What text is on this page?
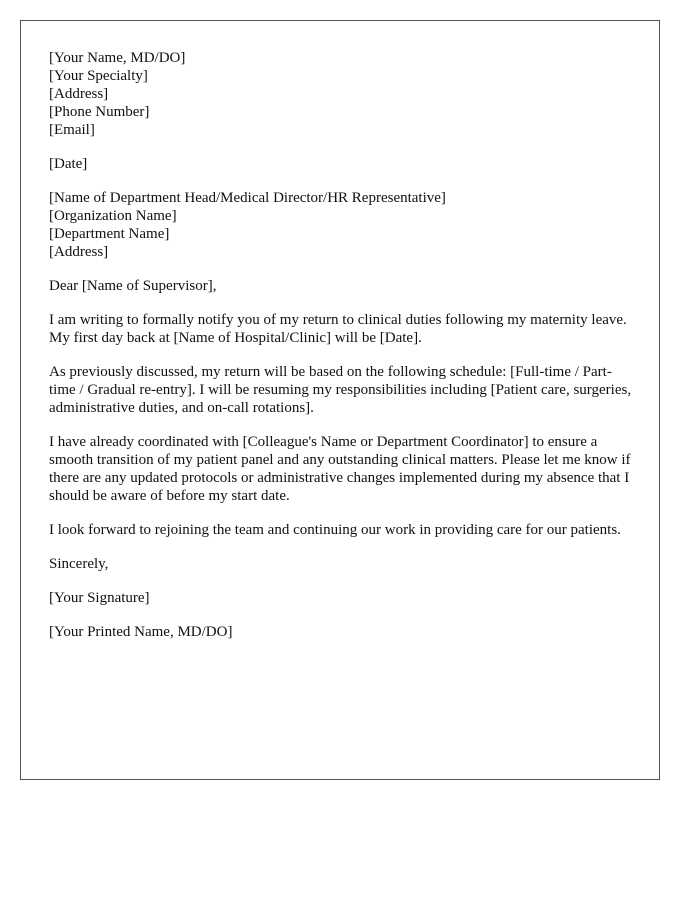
[Your Name, MD/DO]
[Your Specialty]
[Address]
[Phone Number]
[Email]
[Date]
[Name of Department Head/Medical Director/HR Representative]
[Organization Name]
[Department Name]
[Address]

Dear [Name of Supervisor],

I am writing to formally notify you of my return to clinical duties following my maternity leave. My first day back at [Name of Hospital/Clinic] will be [Date].

As previously discussed, my return will be based on the following schedule: [Full-time / Part-time / Gradual re-entry]. I will be resuming my responsibilities including [Patient care, surgeries, administrative duties, and on-call rotations].

I have already coordinated with [Colleague's Name or Department Coordinator] to ensure a smooth transition of my patient panel and any outstanding clinical matters. Please let me know if there are any updated protocols or administrative changes implemented during my absence that I should be aware of before my start date.

I look forward to rejoining the team and continuing our work in providing care for our patients.

Sincerely,

[Your Signature]

[Your Printed Name, MD/DO]
